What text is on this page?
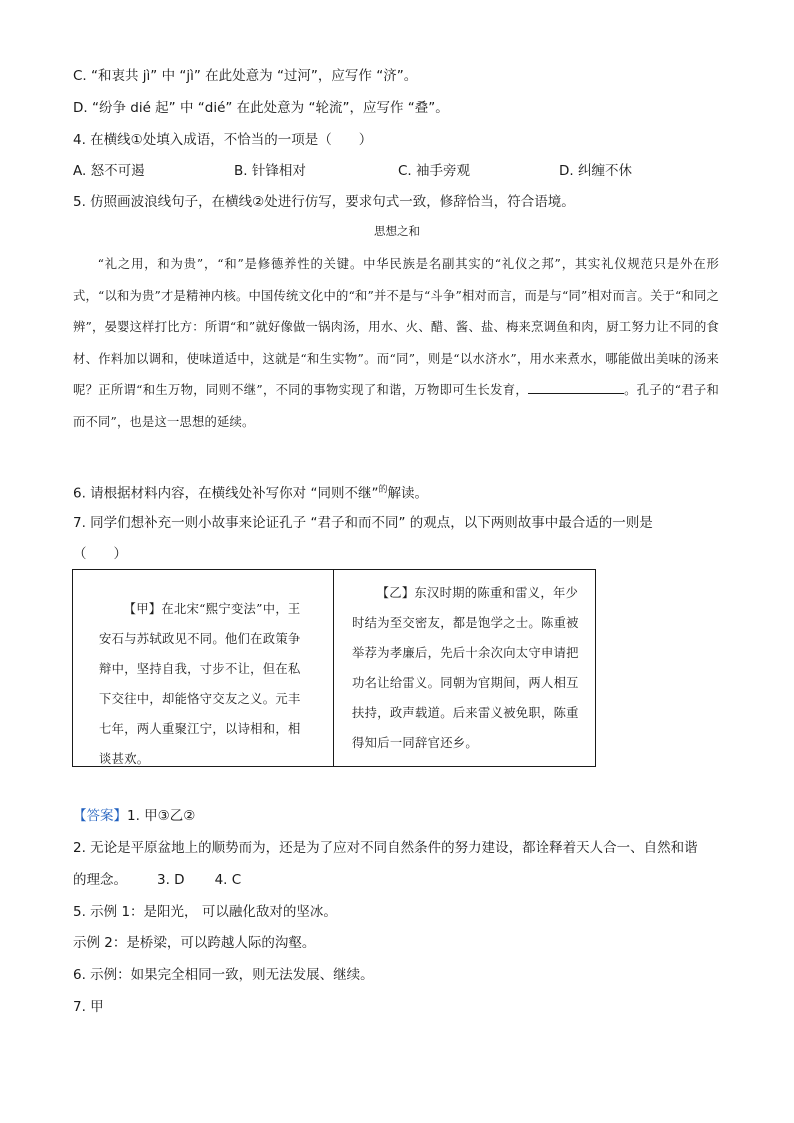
C. “和衷共 jì” 中 “jì” 在此处意为 “过河”，应写作 “济”。
D. “纷争 dié 起” 中 “dié” 在此处意为 “轮流”，应写作 “叠”。
4. 在横线①处填入成语，不恰当的一项是（　　）
A. 怒不可遏	B. 针锋相对	C. 袖手旁观	D. 纠缠不休
5. 仿照画波浪线句子，在横线②处进行仿写，要求句式一致，修辞恰当，符合语境。
思想之和

“礼之用，和为贵”，“和”是修德养性的关键。中华民族是名副其实的“礼仪之邦”，其实礼仪规范只是外在形式，“以和为贵”才是精神内核。中国传统文化中的“和”并不是与“斗争”相对而言，而是与“同”相对而言。关于“和同之辨”，晏婴这样打比方：所谓“和”就好像做一锅肉汤，用水、火、醋、酱、盐、梅来烹调鱼和肉，厨工努力让不同的食材、作料加以调和，使味道适中，这就是“和生实物”。而“同”，则是“以水济水”，用水来煮水，哪能做出美味的汤来呢？正所谓“和生万物，同则不继”，不同的事物实现了和谐，万物即可生长发育，	。孔子的“君子和而不同”，也是这一思想的延续。

6. 请根据材料内容，在横线处补写你对 “同则不继”$^的$解读。
7. 同学们想补充一则小故事来论证孔子 “君子和而不同” 的观点，以下两则故事中最合适的一则是
（　　）

【甲】在北宋“熙宁变法”中，王安石与苏轼政见不同。他们在政策争辩中，坚持自我，寸步不让，但在私下交往中，却能恪守交友之义。元丰七年，两人重聚江宁，以诗相和，相谈甚欢。

【乙】东汉时期的陈重和雷义，年少时结为至交密友，都是饱学之士。陈重被举荐为孝廉后，先后十余次向太守申请把功名让给雷义。同朝为官期间，两人相互扶持，政声载道。后来雷义被免职，陈重得知后一同辞官还乡。

【答案】1. 甲③乙②
2. 无论是平原盆地上的顺势而为，还是为了应对不同自然条件的努力建设，都诠释着天人合一、自然和谐
的理念。 3. D 4. C
5. 示例 1：是阳光， 可以融化敌对的坚冰。
示例 2：是桥梁，可以跨越人际的沟壑。
6. 示例：如果完全相同一致，则无法发展、继续。
7. 甲
